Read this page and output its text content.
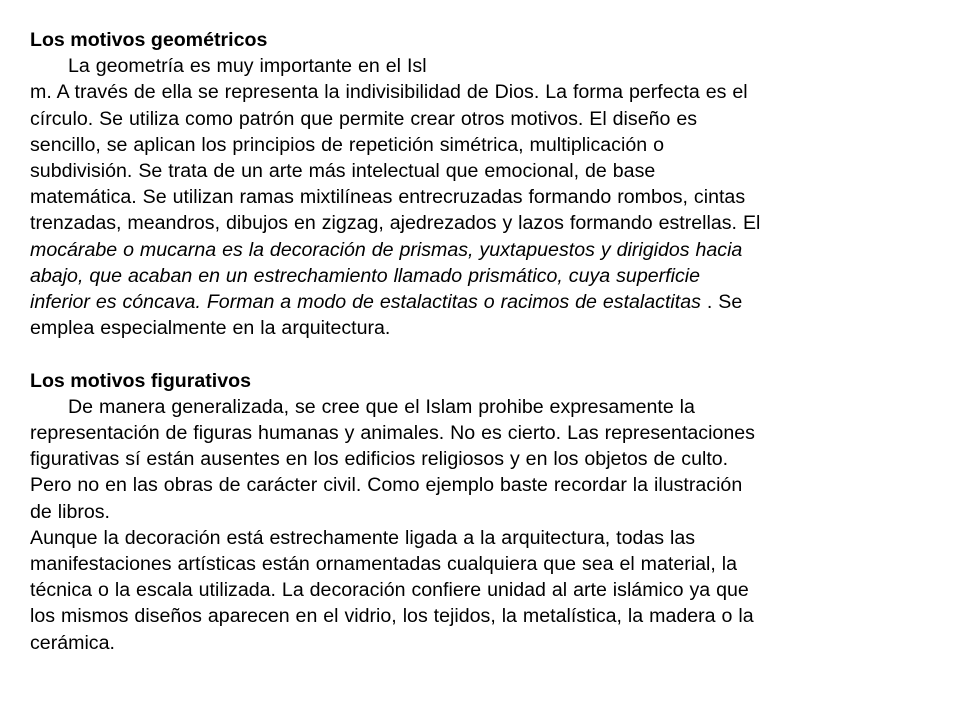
Los motivos geométricos

La geometría es muy importante en el Isl

m. A través de ella se representa la indivisibilidad de Dios. La forma perfecta es el

círculo. Se utiliza como patrón que permite crear otros motivos. El diseño es

sencillo, se aplican los principios de repetición simétrica, multiplicación o

subdivisión. Se trata de un arte más intelectual que emocional, de base

matemática. Se utilizan ramas mixtilíneas entrecruzadas formando rombos, cintas

trenzadas, meandros, dibujos en zigzag, ajedrezados y lazos formando estrellas. El

mocárabe o mucarna es la decoración de prismas, yuxtapuestos y dirigidos hacia

abajo, que acaban en un estrechamiento llamado prismático, cuya superficie

inferior es cóncava. Forman a modo de estalactitas o racimos de estalactitas . Se

emplea especialmente en la arquitectura.

Los motivos figurativos

De manera generalizada, se cree que el Islam prohibe expresamente la

representación de figuras humanas y animales. No es cierto. Las representaciones

figurativas sí están ausentes en los edificios religiosos y en los objetos de culto.

Pero no en las obras de carácter civil. Como ejemplo baste recordar la ilustración

de libros.

Aunque la decoración está estrechamente ligada a la arquitectura, todas las

manifestaciones artísticas están ornamentadas cualquiera que sea el material, la

técnica o la escala utilizada. La decoración confiere unidad al arte islámico ya que

los mismos diseños aparecen en el vidrio, los tejidos, la metalística, la madera o la

cerámica.
